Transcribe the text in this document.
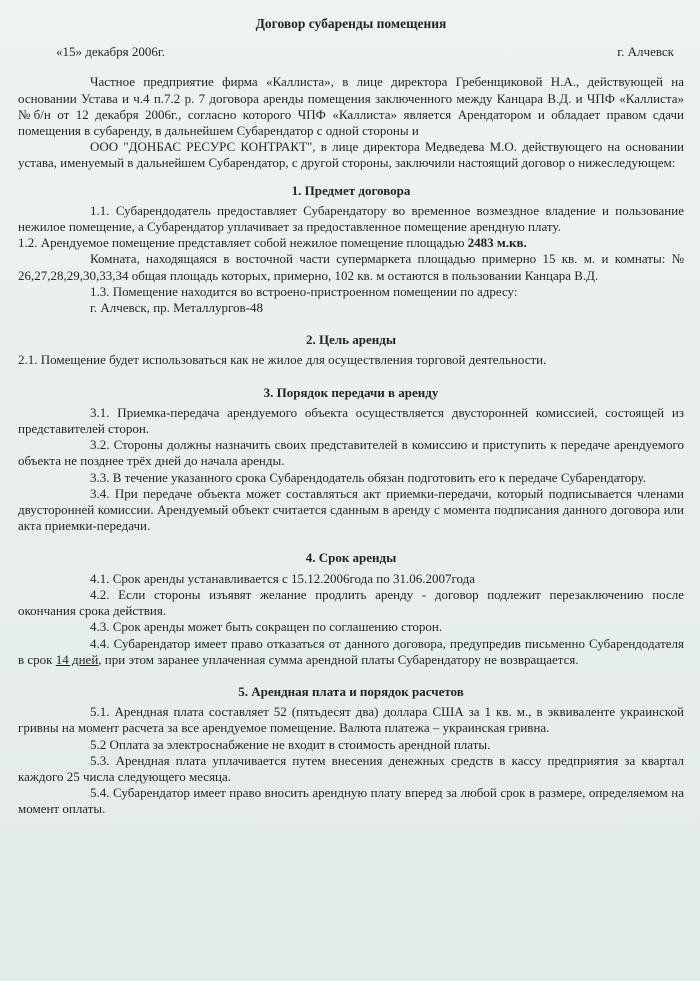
Договор субаренды помещения
«15» декабря 2006г.	г. Алчевск

Частное предприятие фирма «Каллиста», в лице директора Гребенщиковой Н.А., действующей на основании Устава и ч.4 п.7.2 р. 7 договора аренды помещения заключенного между Канцара В.Д. и ЧПФ «Каллиста» №б/н от 12 декабря 2006г., согласно которого ЧПФ «Каллиста» является Арендатором и обладает правом сдачи помещения в субаренду, в дальнейшем Субарендатор с одной стороны и

ООО "ДОНБАС РЕСУРС КОНТРАКТ", в лице директора Медведева М.О. действующего на основании устава, именуемый в дальнейшем Субарендатор, с другой стороны, заключили настоящий договор о нижеследующем:

1. Предмет договора

1.1. Субарендодатель предоставляет Субарендатору во временное возмездное владение и пользование нежилое помещение, а Субарендатор уплачивает за предоставленное помещение арендную плату.

1.2. Арендуемое помещение представляет собой нежилое помещение площадью 2483 м.кв.

Комната, находящаяся в восточной части супермаркета площадью примерно 15 кв. м. и комнаты: № 26,27,28,29,30,33,34 общая площадь которых, примерно, 102 кв. м остаются в пользовании Канцара В.Д.

1.3. Помещение находится во встроено-пристроенном помещении по адресу:

г. Алчевск, пр. Металлургов-48

2. Цель аренды

2.1. Помещение будет использоваться как не жилое для осуществления торговой деятельности.

3. Порядок передачи в аренду

3.1. Приемка-передача арендуемого объекта осуществляется двусторонней комиссией, состоящей из представителей сторон.

3.2. Стороны должны назначить своих представителей в комиссию и приступить к передаче арендуемого объекта не позднее трёх дней до начала аренды.

3.3. В течение указанного срока Субарендодатель обязан подготовить его к передаче Субарендатору.

3.4. При передаче объекта может составляться акт приемки-передачи, который подписывается членами двусторонней комиссии. Арендуемый объект считается сданным в аренду с момента подписания данного договора или акта приемки-передачи.

4. Срок аренды

4.1. Срок аренды устанавливается с 15.12.2006года по 31.06.2007года

4.2. Если стороны изъявят желание продлить аренду - договор подлежит перезаключению после окончания срока действия.

4.3. Срок аренды может быть сокращен по соглашению сторон.

4.4. Субарендатор имеет право отказаться от данного договора, предупредив письменно Субарендодателя в срок 14 дней, при этом заранее уплаченная сумма арендной платы Субарендатору не возвращается.

5. Арендная плата и порядок расчетов

5.1. Арендная плата составляет 52 (пятьдесят два) доллара США за 1 кв. м., в эквиваленте украинской гривны на момент расчета за все арендуемое помещение. Валюта платежа – украинская гривна.

5.2 Оплата за электроснабжение не входит в стоимость арендной платы.

5.3. Арендная плата уплачивается путем внесения денежных средств в кассу предприятия за квартал каждого 25 числа следующего месяца.

5.4. Субарендатор имеет право вносить арендную плату вперед за любой срок в размере, определяемом на момент оплаты.
